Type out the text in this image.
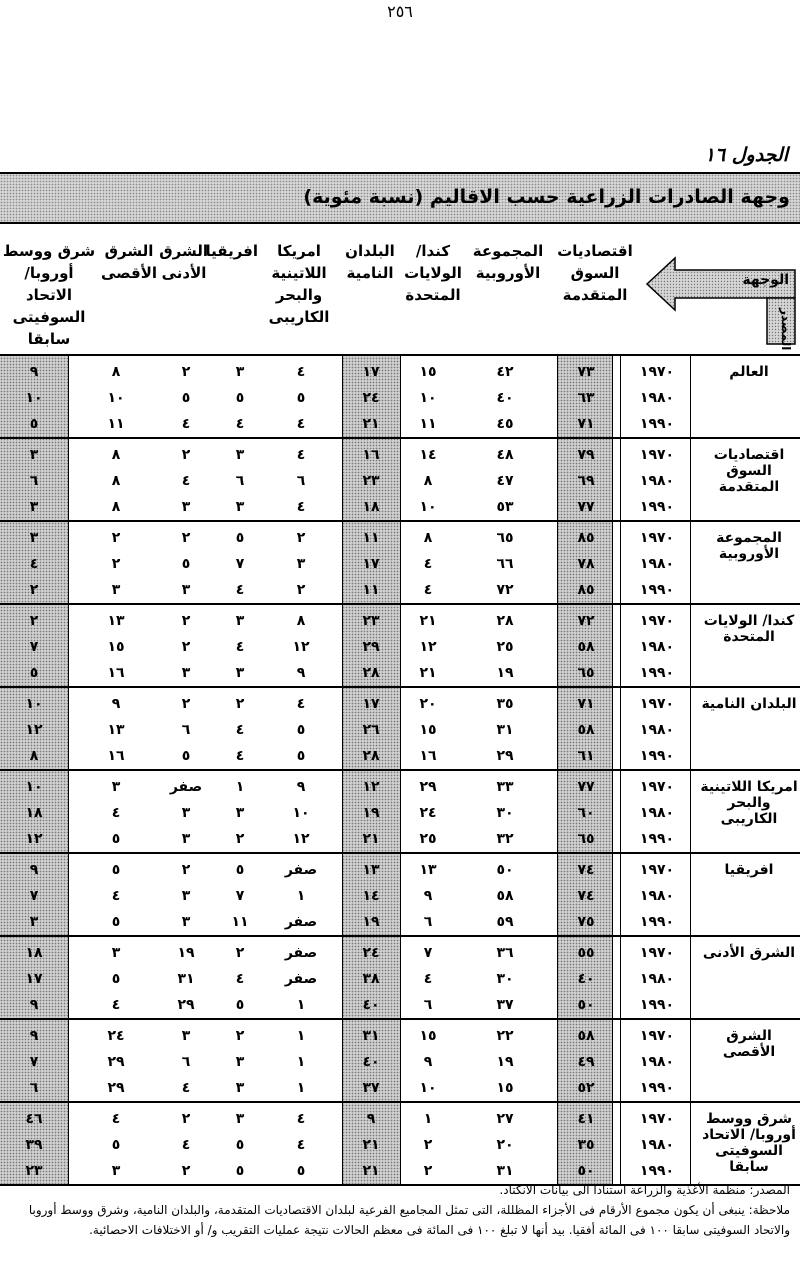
٢٥٦
الجدول ١٦
وجهة الصادرات الزراعية حسب الاقاليم (نسبة مئوية)
اقتصاديات السوق المتقدمة
المجموعة الأوروبية
كندا/ الولايات المتحدة
البلدان النامية
امريكا اللاتينية والبحر الكاريبى
افريقيا
الشرق الأدنى
الشرق الأقصى
شرق ووسط أوروبا/ الاتحاد السوفيتى سابقا
الوجهة
المصدر
العالم
١٩٧٠
٧٣
٤٢
١٥
١٧
٤
٣
٢
٨
٩
١٩٨٠
٦٣
٤٠
١٠
٢٤
٥
٥
٥
١٠
١٠
١٩٩٠
٧١
٤٥
١١
٢١
٤
٤
٤
١١
٥
اقتصاديات السوق المتقدمة
١٩٧٠
٧٩
٤٨
١٤
١٦
٤
٣
٢
٨
٣
١٩٨٠
٦٩
٤٧
٨
٢٣
٦
٦
٤
٨
٦
١٩٩٠
٧٧
٥٣
١٠
١٨
٤
٣
٣
٨
٣
المجموعة الأوروبية
١٩٧٠
٨٥
٦٥
٨
١١
٢
٥
٢
٢
٣
١٩٨٠
٧٨
٦٦
٤
١٧
٣
٧
٥
٢
٤
١٩٩٠
٨٥
٧٢
٤
١١
٢
٤
٣
٣
٢
كندا/ الولايات المتحدة
١٩٧٠
٧٢
٢٨
٢١
٢٣
٨
٣
٢
١٣
٢
١٩٨٠
٥٨
٢٥
١٢
٢٩
١٢
٤
٢
١٥
٧
١٩٩٠
٦٥
١٩
٢١
٢٨
٩
٣
٣
١٦
٥
البلدان النامية
١٩٧٠
٧١
٣٥
٢٠
١٧
٤
٢
٢
٩
١٠
١٩٨٠
٥٨
٣١
١٥
٢٦
٥
٤
٦
١٣
١٢
١٩٩٠
٦١
٢٩
١٦
٢٨
٥
٤
٥
١٦
٨
امريكا اللاتينية والبحر الكاريبى
١٩٧٠
٧٧
٣٣
٢٩
١٢
٩
١
صفر
٣
١٠
١٩٨٠
٦٠
٣٠
٢٤
١٩
١٠
٣
٣
٤
١٨
١٩٩٠
٦٥
٣٢
٢٥
٢١
١٢
٢
٣
٥
١٢
افريقيا
١٩٧٠
٧٤
٥٠
١٣
١٣
صفر
٥
٢
٥
٩
١٩٨٠
٧٤
٥٨
٩
١٤
١
٧
٣
٤
٧
١٩٩٠
٧٥
٥٩
٦
١٩
صفر
١١
٣
٥
٣
الشرق الأدنى
١٩٧٠
٥٥
٣٦
٧
٢٤
صفر
٢
١٩
٣
١٨
١٩٨٠
٤٠
٣٠
٤
٣٨
صفر
٤
٣١
٥
١٧
١٩٩٠
٥٠
٣٧
٦
٤٠
١
٥
٢٩
٤
٩
الشرق الأقصى
١٩٧٠
٥٨
٢٢
١٥
٣١
١
٢
٣
٢٤
٩
١٩٨٠
٤٩
١٩
٩
٤٠
١
٣
٦
٢٩
٧
١٩٩٠
٥٢
١٥
١٠
٣٧
١
٣
٤
٢٩
٦
شرق ووسط أوروبا/ الاتحاد السوفيتى سابقا
١٩٧٠
٤١
٢٧
١
٩
٤
٣
٢
٤
٤٦
١٩٨٠
٣٥
٢٠
٢
٢١
٤
٥
٤
٥
٣٩
١٩٩٠
٥٠
٣١
٢
٢١
٥
٥
٢
٣
٢٣
المصدر: منظمة الأغذية والزراعة استنادا الى بيانات الانكتاد.
ملاحظة: ينبغى أن يكون مجموع الأرقام فى الأجزاء المظللة، التى تمثل المجاميع الفرعية لبلدان الاقتصاديات المتقدمة، والبلدان النامية، وشرق ووسط أوروبا والاتحاد السوفيتى سابقا ١٠٠ فى المائة أفقيا. بيد أنها لا تبلغ ١٠٠ فى المائة فى معظم الحالات نتيجة عمليات التقريب و/ أو الاختلافات الاحصائية.
